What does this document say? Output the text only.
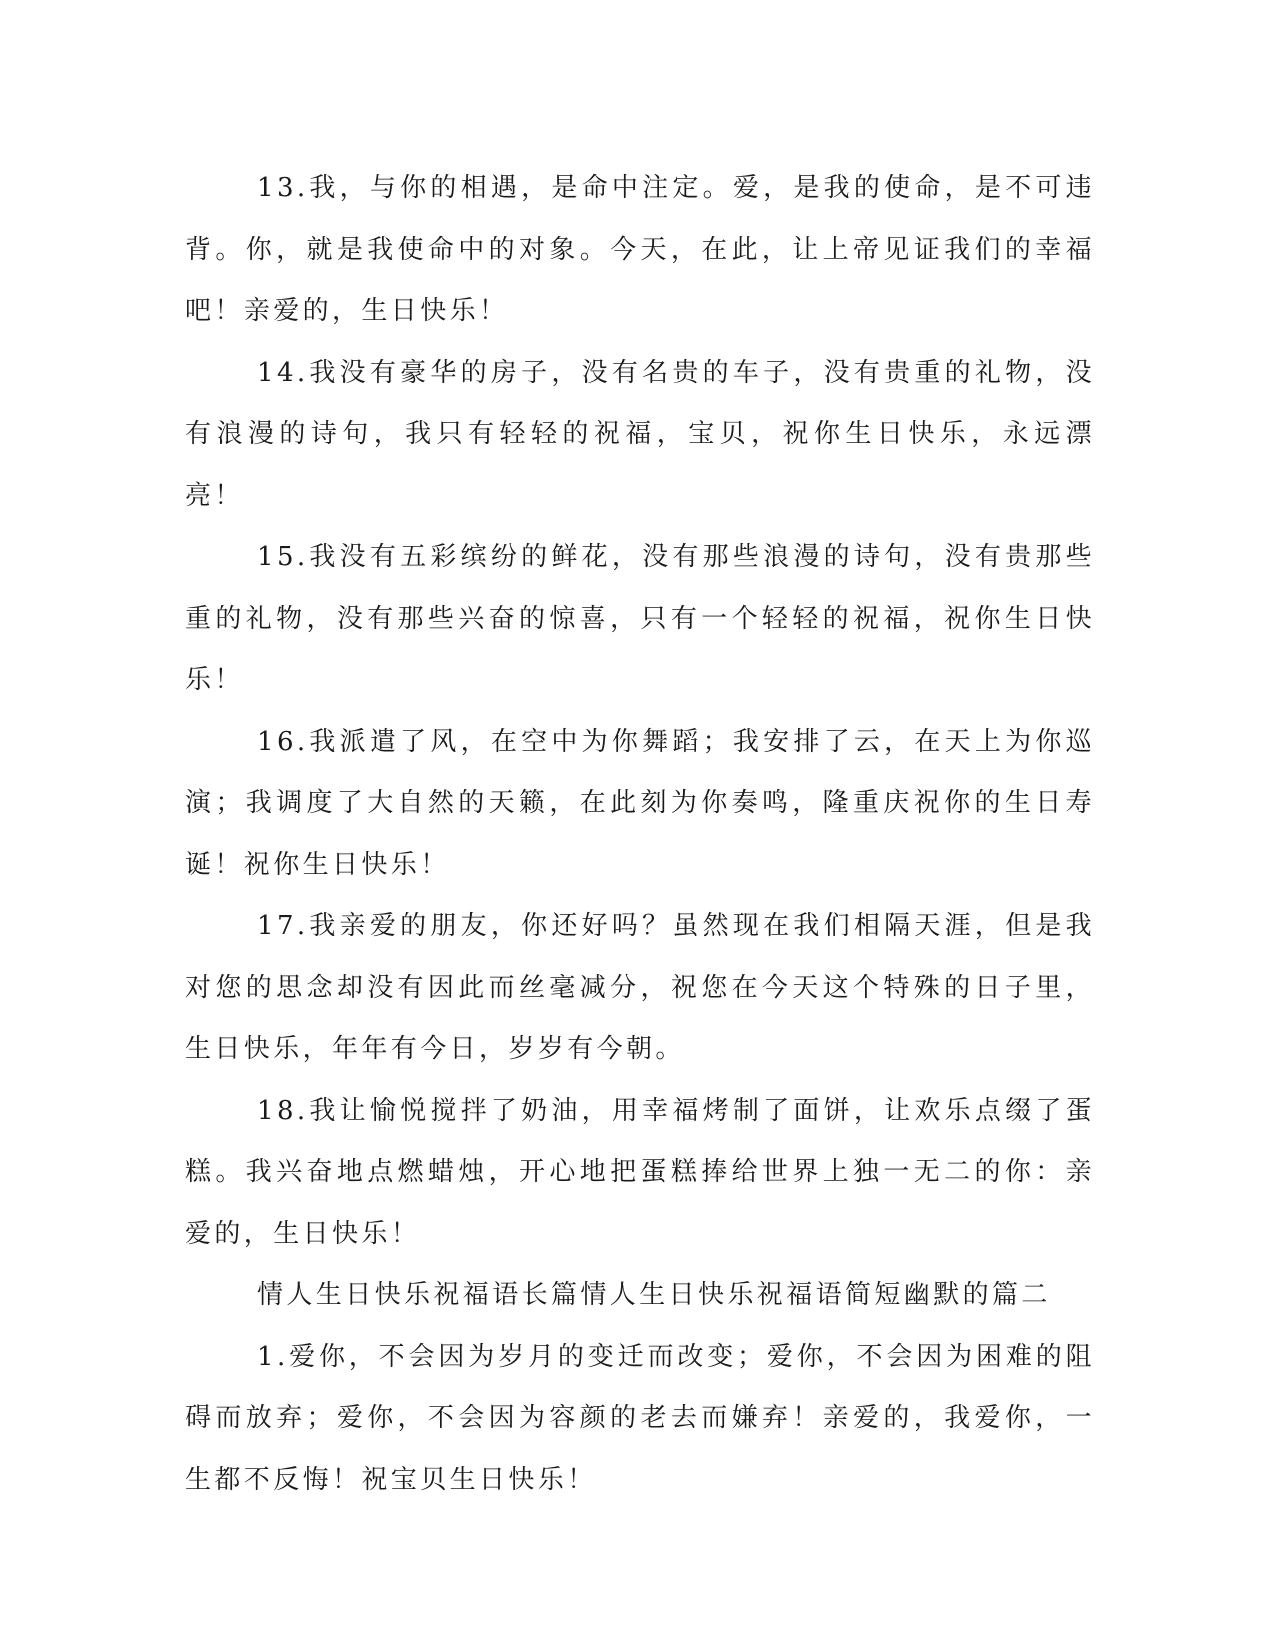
13.我，与你的相遇，是命中注定。爱，是我的使命，是不可违背。你，就是我使命中的对象。今天，在此，让上帝见证我们的幸福吧！亲爱的，生日快乐！

14.我没有豪华的房子，没有名贵的车子，没有贵重的礼物，没有浪漫的诗句，我只有轻轻的祝福，宝贝，祝你生日快乐，永远漂亮！

15.我没有五彩缤纷的鲜花，没有那些浪漫的诗句，没有贵那些重的礼物，没有那些兴奋的惊喜，只有一个轻轻的祝福，祝你生日快乐！

16.我派遣了风，在空中为你舞蹈；我安排了云，在天上为你巡演；我调度了大自然的天籁，在此刻为你奏鸣，隆重庆祝你的生日寿诞！祝你生日快乐！

17.我亲爱的朋友，你还好吗？虽然现在我们相隔天涯，但是我对您的思念却没有因此而丝毫减分，祝您在今天这个特殊的日子里，生日快乐，年年有今日，岁岁有今朝。

18.我让愉悦搅拌了奶油，用幸福烤制了面饼，让欢乐点缀了蛋糕。我兴奋地点燃蜡烛，开心地把蛋糕捧给世界上独一无二的你：亲爱的，生日快乐！

情人生日快乐祝福语长篇情人生日快乐祝福语简短幽默的篇二

1.爱你，不会因为岁月的变迁而改变；爱你，不会因为困难的阻碍而放弃；爱你，不会因为容颜的老去而嫌弃！亲爱的，我爱你，一生都不反悔！祝宝贝生日快乐！
